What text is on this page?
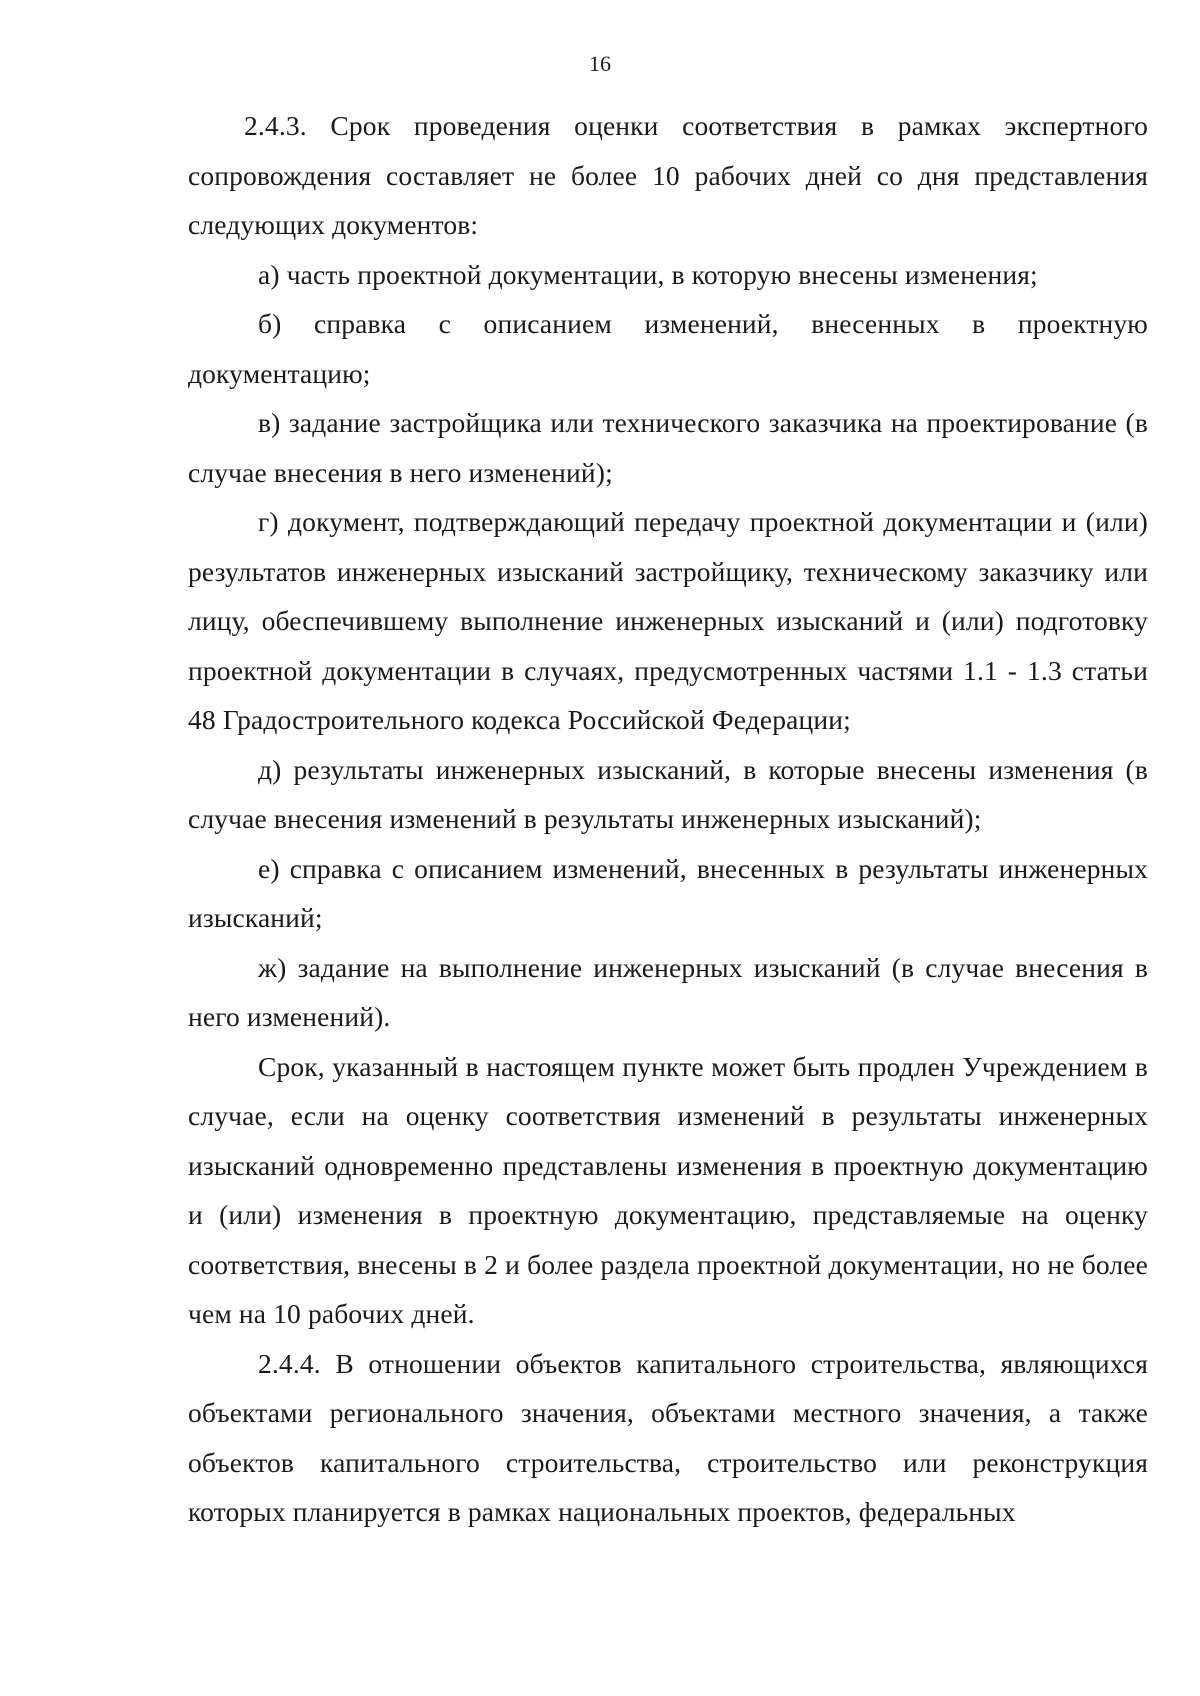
16

2.4.3. Срок проведения оценки соответствия в рамках экспертного сопровождения составляет не более 10 рабочих дней со дня представления следующих документов:

а) часть проектной документации, в которую внесены изменения;

б) справка с описанием изменений, внесенных в проектную документацию;

в) задание застройщика или технического заказчика на проектирование (в случае внесения в него изменений);

г) документ, подтверждающий передачу проектной документации и (или) результатов инженерных изысканий застройщику, техническому заказчику или лицу, обеспечившему выполнение инженерных изысканий и (или) подготовку проектной документации в случаях, предусмотренных частями 1.1 - 1.3 статьи 48 Градостроительного кодекса Российской Федерации;

д) результаты инженерных изысканий, в которые внесены изменения (в случае внесения изменений в результаты инженерных изысканий);

е) справка с описанием изменений, внесенных в результаты инженерных изысканий;

ж) задание на выполнение инженерных изысканий (в случае внесения в него изменений).

Срок, указанный в настоящем пункте может быть продлен Учреждением в случае, если на оценку соответствия изменений в результаты инженерных изысканий одновременно представлены изменения в проектную документацию и (или) изменения в проектную документацию, представляемые на оценку соответствия, внесены в 2 и более раздела проектной документации, но не более чем на 10 рабочих дней.

2.4.4. В отношении объектов капитального строительства, являющихся объектами регионального значения, объектами местного значения, а также объектов капитального строительства, строительство или реконструкция которых планируется в рамках национальных проектов, федеральных
